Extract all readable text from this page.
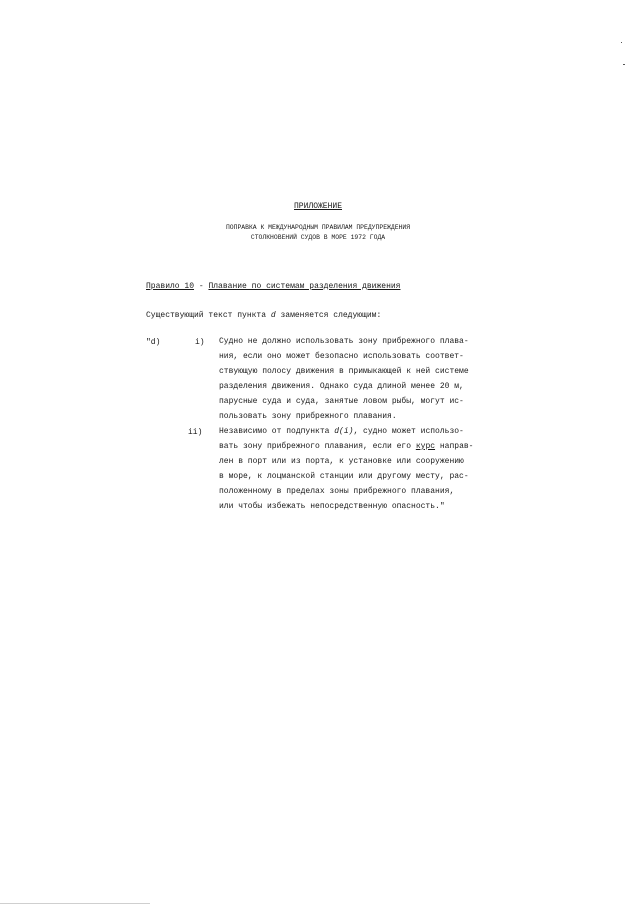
ПРИЛОЖЕНИЕ
ПОПРАВКА К МЕЖДУНАРОДНЫМ ПРАВИЛАМ ПРЕДУПРЕЖДЕНИЯ
СТОЛКНОВЕНИЙ СУДОВ В МОРЕ 1972 ГОДА
Правило 10 - Плавание по системам разделения движения
Существующий текст пункта d заменяется следующим:
"d)	i) Судно не должно использовать зону прибрежного плава-
ния, если оно может безопасно использовать соответ-
ствующую полосу движения в примыкающей к ней системе
разделения движения. Однако суда длиной менее 20 м,
парусные суда и суда, занятые ловом рыбы, могут ис-
пользовать зону прибрежного плавания.
ii) Независимо от подпункта d(i), судно может использо-
вать зону прибрежного плавания, если его курс направ-
лен в порт или из порта, к установке или сооружению
в море, к лоцманской станции или другому месту, рас-
положенному в пределах зоны прибрежного плавания,
или чтобы избежать непосредственную опасность."
